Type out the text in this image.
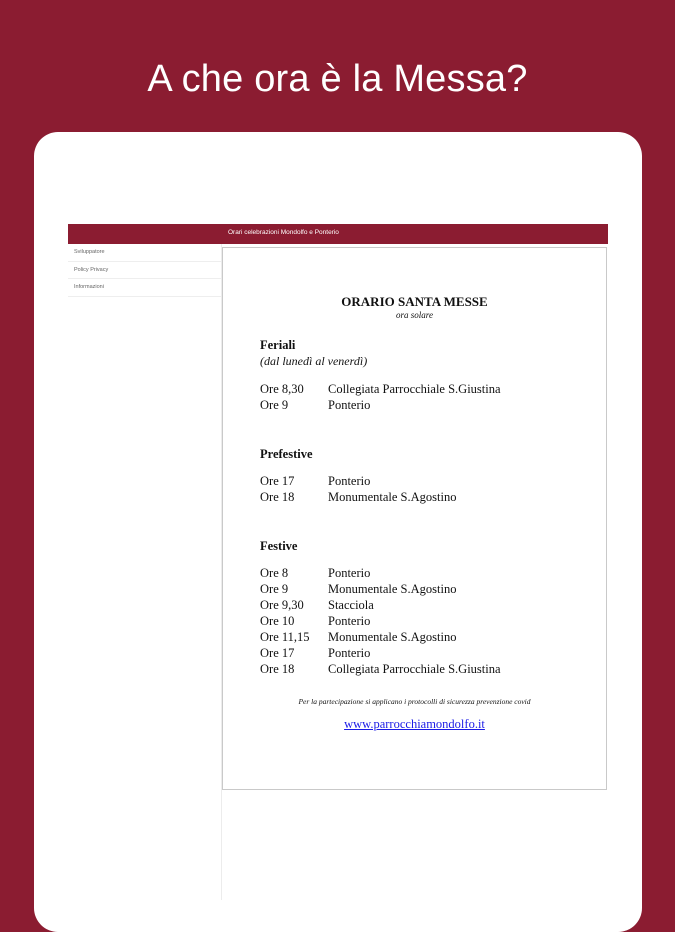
A che ora è la Messa?
Orari celebrazioni Mondolfo e Ponterio
Sviluppatore
Policy Privacy
Informazioni
ORARIO SANTA MESSE
ora solare
Feriali
(dal lunedì al venerdì)
Ore 8,30 Collegiata Parrocchiale S.Giustina
Ore 9	Ponterio
Prefestive
Ore 17	Ponterio
Ore 18	Monumentale S.Agostino
Festive
Ore 8	Ponterio
Ore 9	Monumentale S.Agostino
Ore 9,30 Stacciola
Ore 10	Ponterio
Ore 11,15 Monumentale S.Agostino
Ore 17	Ponterio
Ore 18	Collegiata Parrocchiale S.Giustina
Per la partecipazione si applicano i protocolli di sicurezza prevenzione covid
www.parrocchiamondolfo.it
